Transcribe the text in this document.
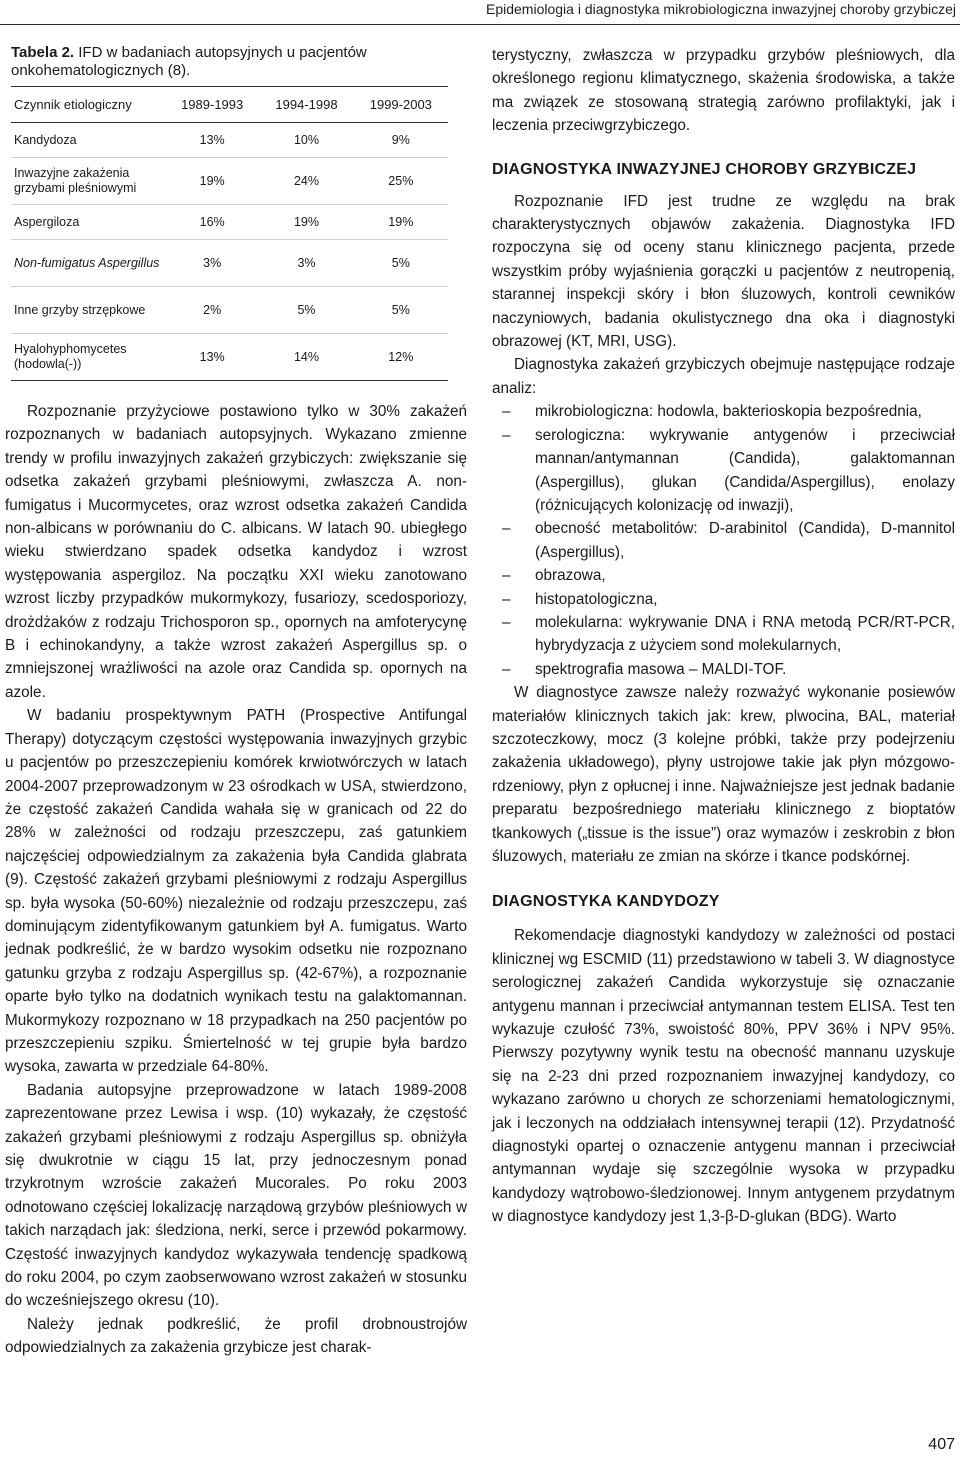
Epidemiologia i diagnostyka mikrobiologiczna inwazyjnej choroby grzybiczej
Tabela 2. IFD w badaniach autopsyjnych u pacjentów onkohematologicznych (8).
Czynnik etiologiczny	1989-1993	1994-1998	1999-2003
Kandydoza	13%	10%	9%
Inwazyjne zakażenia grzybami pleśniowymi	19%	24%	25%
Aspergiloza	16%	19%	19%
Non-fumigatus Aspergillus	3%	3%	5%
Inne grzyby strzępkowe	2%	5%	5%
Hyalohyphomycetes (hodowla(-))	13%	14%	12%

Rozpoznanie przyżyciowe postawiono tylko w 30% zakażeń rozpoznanych w badaniach autopsyjnych. Wykazano zmienne trendy w profilu inwazyjnych zakażeń grzybiczych: zwiększanie się odsetka zakażeń grzybami pleśniowymi, zwłaszcza A. non-fumigatus i Mucormycetes, oraz wzrost odsetka zakażeń Candida non-albicans w porównaniu do C. albicans. W latach 90. ubiegłego wieku stwierdzano spadek odsetka kandydoz i wzrost występowania aspergiloz. Na początku XXI wieku zanotowano wzrost liczby przypadków mukormykozy, fusariozy, scedosporiozy, drożdżaków z rodzaju Trichosporon sp., opornych na amfoterycynę B i echinokandyny, a także wzrost zakażeń Aspergillus sp. o zmniejszonej wrażliwości na azole oraz Candida sp. opornych na azole.

W badaniu prospektywnym PATH (Prospective Antifungal Therapy) dotyczącym częstości występowania inwazyjnych grzybic u pacjentów po przeszczepieniu komórek krwiotwórczych w latach 2004-2007 przeprowadzonym w 23 ośrodkach w USA, stwierdzono, że częstość zakażeń Candida wahała się w granicach od 22 do 28% w zależności od rodzaju przeszczepu, zaś gatunkiem najczęściej odpowiedzialnym za zakażenia była Candida glabrata (9). Częstość zakażeń grzybami pleśniowymi z rodzaju Aspergillus sp. była wysoka (50-60%) niezależnie od rodzaju przeszczepu, zaś dominującym zidentyfikowanym gatunkiem był A. fumigatus. Warto jednak podkreślić, że w bardzo wysokim odsetku nie rozpoznano gatunku grzyba z rodzaju Aspergillus sp. (42-67%), a rozpoznanie oparte było tylko na dodatnich wynikach testu na galaktomannan. Mukormykozy rozpoznano w 18 przypadkach na 250 pacjentów po przeszczepieniu szpiku. Śmiertelność w tej grupie była bardzo wysoka, zawarta w przedziale 64-80%.

Badania autopsyjne przeprowadzone w latach 1989-2008 zaprezentowane przez Lewisa i wsp. (10) wykazały, że częstość zakażeń grzybami pleśniowymi z rodzaju Aspergillus sp. obniżyła się dwukrotnie w ciągu 15 lat, przy jednoczesnym ponad trzykrotnym wzroście zakażeń Mucorales. Po roku 2003 odnotowano częściej lokalizację narządową grzybów pleśniowych w takich narządach jak: śledziona, nerki, serce i przewód pokarmowy. Częstość inwazyjnych kandydoz wykazywała tendencję spadkową do roku 2004, po czym zaobserwowano wzrost zakażeń w stosunku do wcześniejszego okresu (10).

Należy jednak podkreślić, że profil drobnoustrojów odpowiedzialnych za zakażenia grzybicze jest charak-

terystyczny, zwłaszcza w przypadku grzybów pleśniowych, dla określonego regionu klimatycznego, skażenia środowiska, a także ma związek ze stosowaną strategią zarówno profilaktyki, jak i leczenia przeciwgrzybiczego.

DIAGNOSTYKA INWAZYJNEJ CHOROBY GRZYBICZEJ

Rozpoznanie IFD jest trudne ze względu na brak charakterystycznych objawów zakażenia. Diagnostyka IFD rozpoczyna się od oceny stanu klinicznego pacjenta, przede wszystkim próby wyjaśnienia gorączki u pacjentów z neutropenią, starannej inspekcji skóry i błon śluzowych, kontroli cewników naczyniowych, badania okulistycznego dna oka i diagnostyki obrazowej (KT, MRI, USG).

Diagnostyka zakażeń grzybiczych obejmuje następujące rodzaje analiz:

– mikrobiologiczna: hodowla, bakterioskopia bezpośrednia,
– serologiczna: wykrywanie antygenów i przeciwciał mannan/antymannan (Candida), galaktomannan (Aspergillus), glukan (Candida/Aspergillus), enolazy (różnicujących kolonizację od inwazji),
– obecność metabolitów: D-arabinitol (Candida), D-mannitol (Aspergillus),
– obrazowa,
– histopatologiczna,
– molekularna: wykrywanie DNA i RNA metodą PCR/RT-PCR, hybrydyzacja z użyciem sond molekularnych,
– spektrografia masowa – MALDI-TOF.

W diagnostyce zawsze należy rozważyć wykonanie posiewów materiałów klinicznych takich jak: krew, plwocina, BAL, materiał szczoteczkowy, mocz (3 kolejne próbki, także przy podejrzeniu zakażenia układowego), płyny ustrojowe takie jak płyn mózgowo-rdzeniowy, płyn z opłucnej i inne. Najważniejsze jest jednak badanie preparatu bezpośredniego materiału klinicznego z bioptatów tkankowych („tissue is the issue”) oraz wymazów i zeskrobin z błon śluzowych, materiału ze zmian na skórze i tkance podskórnej.

DIAGNOSTYKA KANDYDOZY

Rekomendacje diagnostyki kandydozy w zależności od postaci klinicznej wg ESCMID (11) przedstawiono w tabeli 3. W diagnostyce serologicznej zakażeń Candida wykorzystuje się oznaczanie antygenu mannan i przeciwciał antymannan testem ELISA. Test ten wykazuje czułość 73%, swoistość 80%, PPV 36% i NPV 95%. Pierwszy pozytywny wynik testu na obecność mannanu uzyskuje się na 2-23 dni przed rozpoznaniem inwazyjnej kandydozy, co wykazano zarówno u chorych ze schorzeniami hematologicznymi, jak i leczonych na oddziałach intensywnej terapii (12). Przydatność diagnostyki opartej o oznaczenie antygenu mannan i przeciwciał antymannan wydaje się szczególnie wysoka w przypadku kandydozy wątrobowo-śledzionowej. Innym antygenem przydatnym w diagnostyce kandydozy jest 1,3-β-D-glukan (BDG). Warto

407
